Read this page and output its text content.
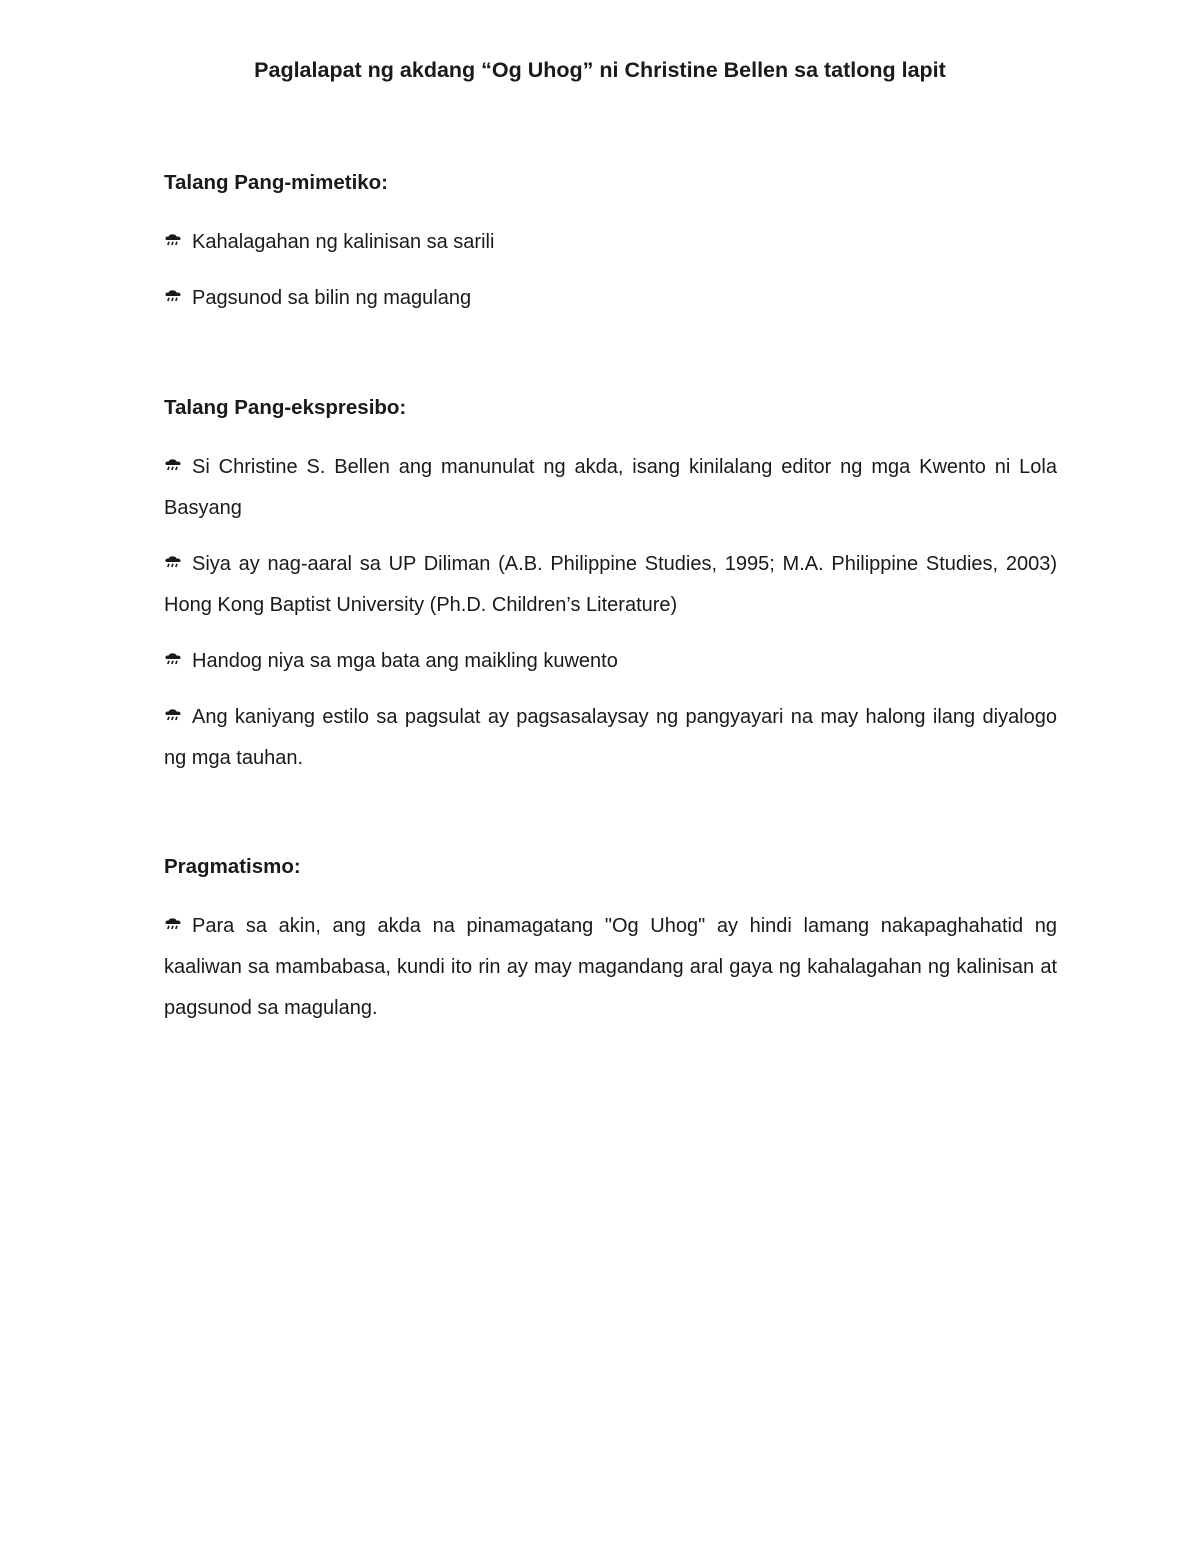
Paglalapat ng akdang “Og Uhog” ni Christine Bellen sa tatlong lapit

Talang Pang-mimetiko:

Kahalagahan ng kalinisan sa sarili

Pagsunod sa bilin ng magulang

Talang Pang-ekspresibo:

Si Christine S. Bellen ang manunulat ng akda, isang kinilalang editor ng mga Kwento ni Lola Basyang

Siya ay nag-aaral sa UP Diliman (A.B. Philippine Studies, 1995; M.A. Philippine Studies, 2003) Hong Kong Baptist University (Ph.D. Children’s Literature)

Handog niya sa mga bata ang maikling kuwento

Ang kaniyang estilo sa pagsulat ay pagsasalaysay ng pangyayari na may halong ilang diyalogo ng mga tauhan.

Pragmatismo:

Para sa akin, ang akda na pinamagatang "Og Uhog" ay hindi lamang nakapaghahatid ng kaaliwan sa mambabasa, kundi ito rin ay may magandang aral gaya ng kahalagahan ng kalinisan at pagsunod sa magulang.
